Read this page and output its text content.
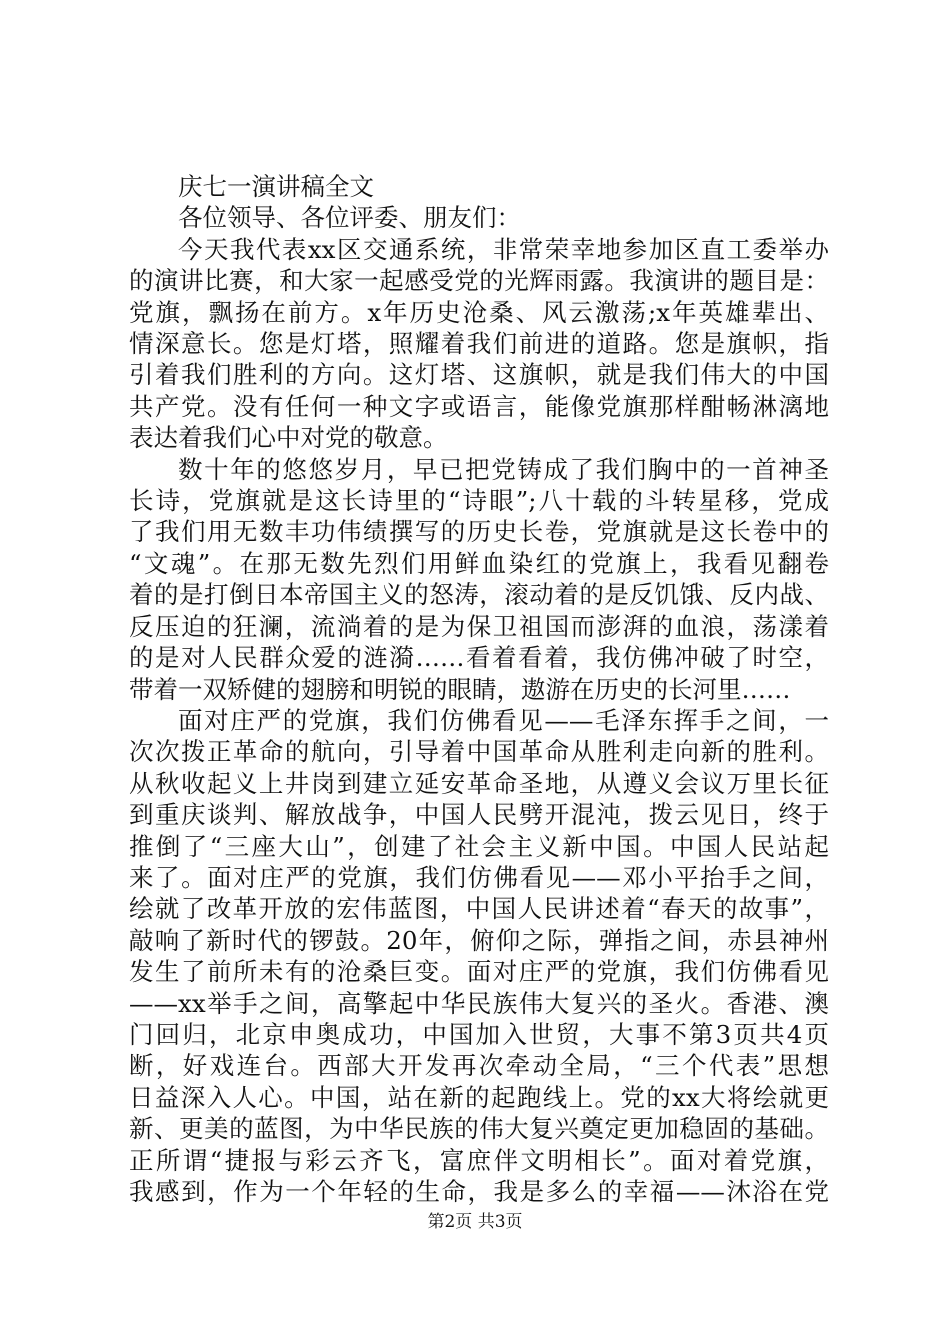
庆七一演讲稿全文

各位领导、各位评委、朋友们：

今天我代表xx区交通系统，非常荣幸地参加区直工委举办
的演讲比赛，和大家一起感受党的光辉雨露。我演讲的题目是：
党旗，飘扬在前方。x年历史沧桑、风云激荡;x年英雄辈出、
情深意长。您是灯塔，照耀着我们前进的道路。您是旗帜，指
引着我们胜利的方向。这灯塔、这旗帜，就是我们伟大的中国
共产党。没有任何一种文字或语言，能像党旗那样酣畅淋漓地
表达着我们心中对党的敬意。

数十年的悠悠岁月，早已把党铸成了我们胸中的一首神圣
长诗，党旗就是这长诗里的“诗眼”;八十载的斗转星移，党成
了我们用无数丰功伟绩撰写的历史长卷，党旗就是这长卷中的
“文魂”。在那无数先烈们用鲜血染红的党旗上，我看见翻卷
着的是打倒日本帝国主义的怒涛，滚动着的是反饥饿、反内战、
反压迫的狂澜，流淌着的是为保卫祖国而澎湃的血浪，荡漾着
的是对人民群众爱的涟漪……看着看着，我仿佛冲破了时空，
带着一双矫健的翅膀和明锐的眼睛，遨游在历史的长河里……

面对庄严的党旗，我们仿佛看见——毛泽东挥手之间，一
次次拨正革命的航向，引导着中国革命从胜利走向新的胜利。
从秋收起义上井岗到建立延安革命圣地，从遵义会议万里长征
到重庆谈判、解放战争，中国人民劈开混沌，拨云见日，终于
推倒了“三座大山”，创建了社会主义新中国。中国人民站起
来了。面对庄严的党旗，我们仿佛看见——邓小平抬手之间，
绘就了改革开放的宏伟蓝图，中国人民讲述着“春天的故事”，
敲响了新时代的锣鼓。20年，俯仰之际，弹指之间，赤县神州
发生了前所未有的沧桑巨变。面对庄严的党旗，我们仿佛看见
——xx举手之间，高擎起中华民族伟大复兴的圣火。香港、澳
门回归，北京申奥成功，中国加入世贸，大事不第3页共4页
断，好戏连台。西部大开发再次牵动全局，“三个代表”思想
日益深入人心。中国，站在新的起跑线上。党的xx大将绘就更
新、更美的蓝图，为中华民族的伟大复兴奠定更加稳固的基础。
正所谓“捷报与彩云齐飞，富庶伴文明相长”。面对着党旗，
我感到，作为一个年轻的生命，我是多么的幸福——沐浴在党

第2页 共3页
